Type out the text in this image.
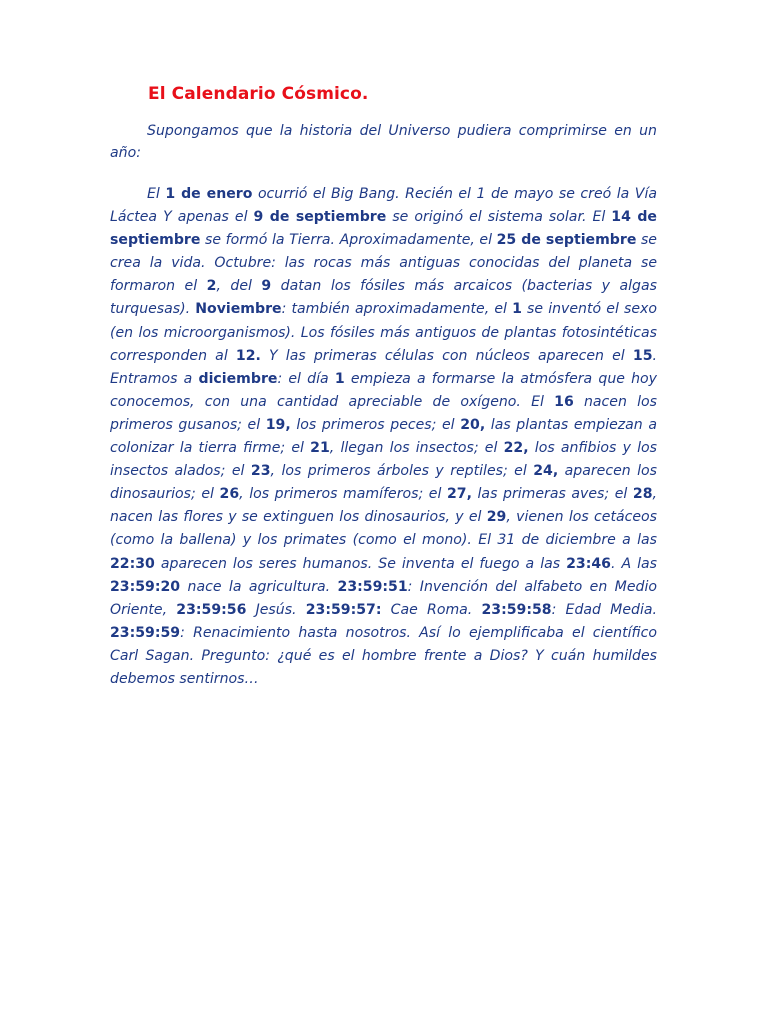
El Calendario Cósmico.

Supongamos que la historia del Universo pudiera comprimirse en un año:

El 1 de enero ocurrió el Big Bang. Recién el 1 de mayo se creó la Vía Láctea Y apenas el 9 de septiembre se originó el sistema solar. El 14 de septiembre se formó la Tierra. Aproximadamente, el 25 de septiembre se crea la vida. Octubre: las rocas más antiguas conocidas del planeta se formaron el 2, del 9 datan los fósiles más arcaicos (bacterias y algas turquesas). Noviembre: también aproximadamente, el 1 se inventó el sexo (en los microorganismos). Los fósiles más antiguos de plantas fotosintéticas corresponden al 12. Y las primeras células con núcleos aparecen el 15. Entramos a diciembre: el día 1 empieza a formarse la atmósfera que hoy conocemos, con una cantidad apreciable de oxígeno. El 16 nacen los primeros gusanos; el 19, los primeros peces; el 20, las plantas empiezan a colonizar la tierra firme; el 21, llegan los insectos; el 22, los anfibios y los insectos alados; el 23, los primeros árboles y reptiles; el 24, aparecen los dinosaurios; el 26, los primeros mamíferos; el 27, las primeras aves; el 28, nacen las flores y se extinguen los dinosaurios, y el 29, vienen los cetáceos (como la ballena) y los primates (como el mono). El 31 de diciembre a las 22:30 aparecen los seres humanos. Se inventa el fuego a las 23:46. A las 23:59:20 nace la agricultura. 23:59:51: Invención del alfabeto en Medio Oriente, 23:59:56 Jesús. 23:59:57: Cae Roma. 23:59:58: Edad Media. 23:59:59: Renacimiento hasta nosotros. Así lo ejemplificaba el científico Carl Sagan. Pregunto: ¿qué es el hombre frente a Dios? Y cuán humildes debemos sentirnos…
